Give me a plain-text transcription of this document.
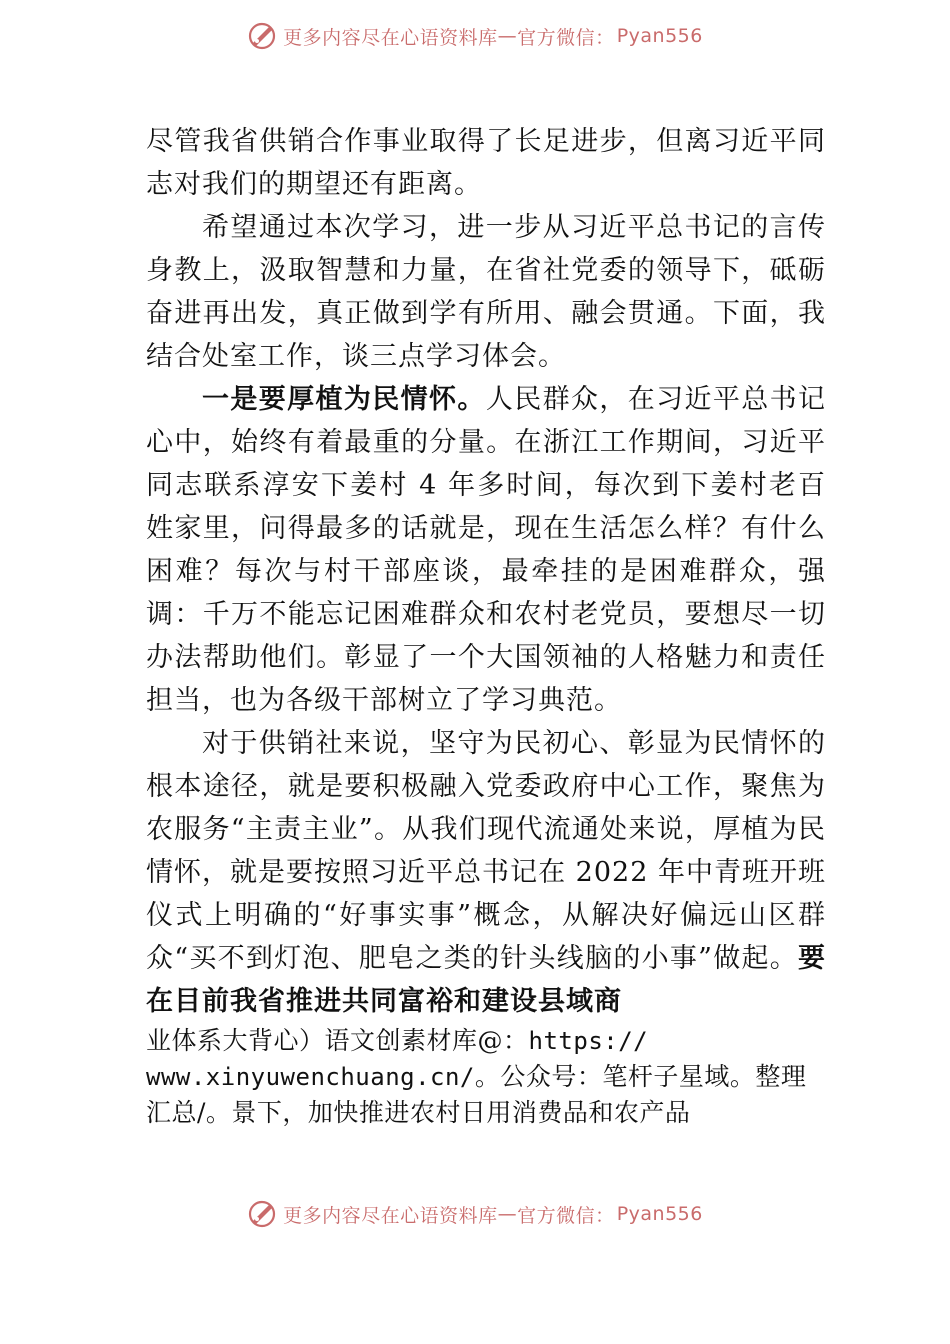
更多内容尽在心语资料库 — 官方微信： Pyan556

尽管我省供销合作事业取得了长足进步，但离习近平同志对我们的期望还有距离。

希望通过本次学习，进一步从习近平总书记的言传身教上，汲取智慧和力量，在省社党委的领导下，砥砺奋进再出发，真正做到学有所用、融会贯通。下面，我结合处室工作，谈三点学习体会。

一是要厚植为民情怀。人民群众，在习近平总书记心中，始终有着最重的分量。在浙江工作期间，习近平同志联系淳安下姜村 4 年多时间，每次到下姜村老百姓家里，问得最多的话就是，现在生活怎么样？有什么困难？每次与村干部座谈，最牵挂的是困难群众，强调：千万不能忘记困难群众和农村老党员，要想尽一切办法帮助他们。彰显了一个大国领袖的人格魅力和责任担当，也为各级干部树立了学习典范。

对于供销社来说，坚守为民初心、彰显为民情怀的根本途径，就是要积极融入党委政府中心工作，聚焦为农服务“主责主业”。从我们现代流通处来说，厚植为民情怀，就是要按照习近平总书记在 2022 年中青班开班仪式上明确的“好事实事”概念，从解决好偏远山区群众“买不到灯泡、肥皂之类的针头线脑的小事”做起。要在目前我省推进共同富裕和建设县域商

业体系大背心）语文创素材库@：https://
www.xinyuwenchuang.cn/。公众号：笔杆子星域。整理汇总/。景下，加快推进农村日用消费品和农产品

更多内容尽在心语资料库 — 官方微信： Pyan556
